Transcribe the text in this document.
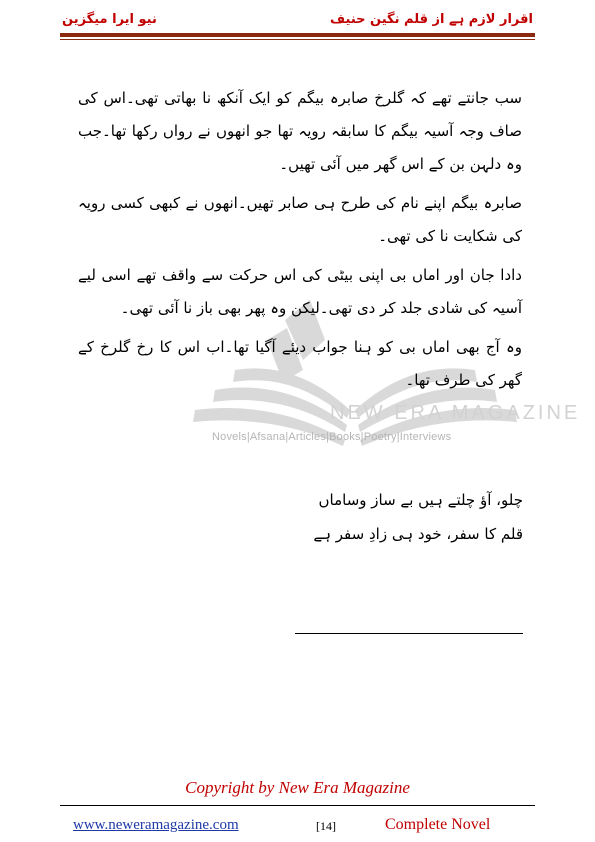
نیو ایرا میگزین	اقرار لازم ہے از قلم نگین حنیف
NEW ERA MAGAZINE
Novels|Afsana|Articles|Books|Poetry|Interviews

سب جانتے تھے کہ گلرخ صابرہ بیگم کو ایک آنکھ نا بھاتی تھی۔اس کی صاف وجہ آسیہ بیگم کا سابقہ رویہ تھا جو انھوں نے رواں رکھا تھا۔جب وہ دلہن بن کے اس گھر میں آئی تھیں۔

صابرہ بیگم اپنے نام کی طرح ہی صابر تھیں۔انھوں نے کبھی کسی رویہ کی شکایت نا کی تھی۔

دادا جان اور اماں بی اپنی بیٹی کی اس حرکت سے واقف تھے اسی لیے آسیہ کی شادی جلد کر دی تھی۔لیکن وہ پھر بھی باز نا آئی تھی۔

وہ آج بھی اماں بی کو ہنا جواب دیئے آگیا تھا۔اب اس کا رخ گلرخ کے گھر کی طرف تھا۔

چلو، آؤ چلتے ہیں بے ساز وساماں
قلم کا سفر، خود ہی زادِ سفر ہے
Copyright by New Era Magazine
www.neweramagazine.com	[14]	Complete Novel
